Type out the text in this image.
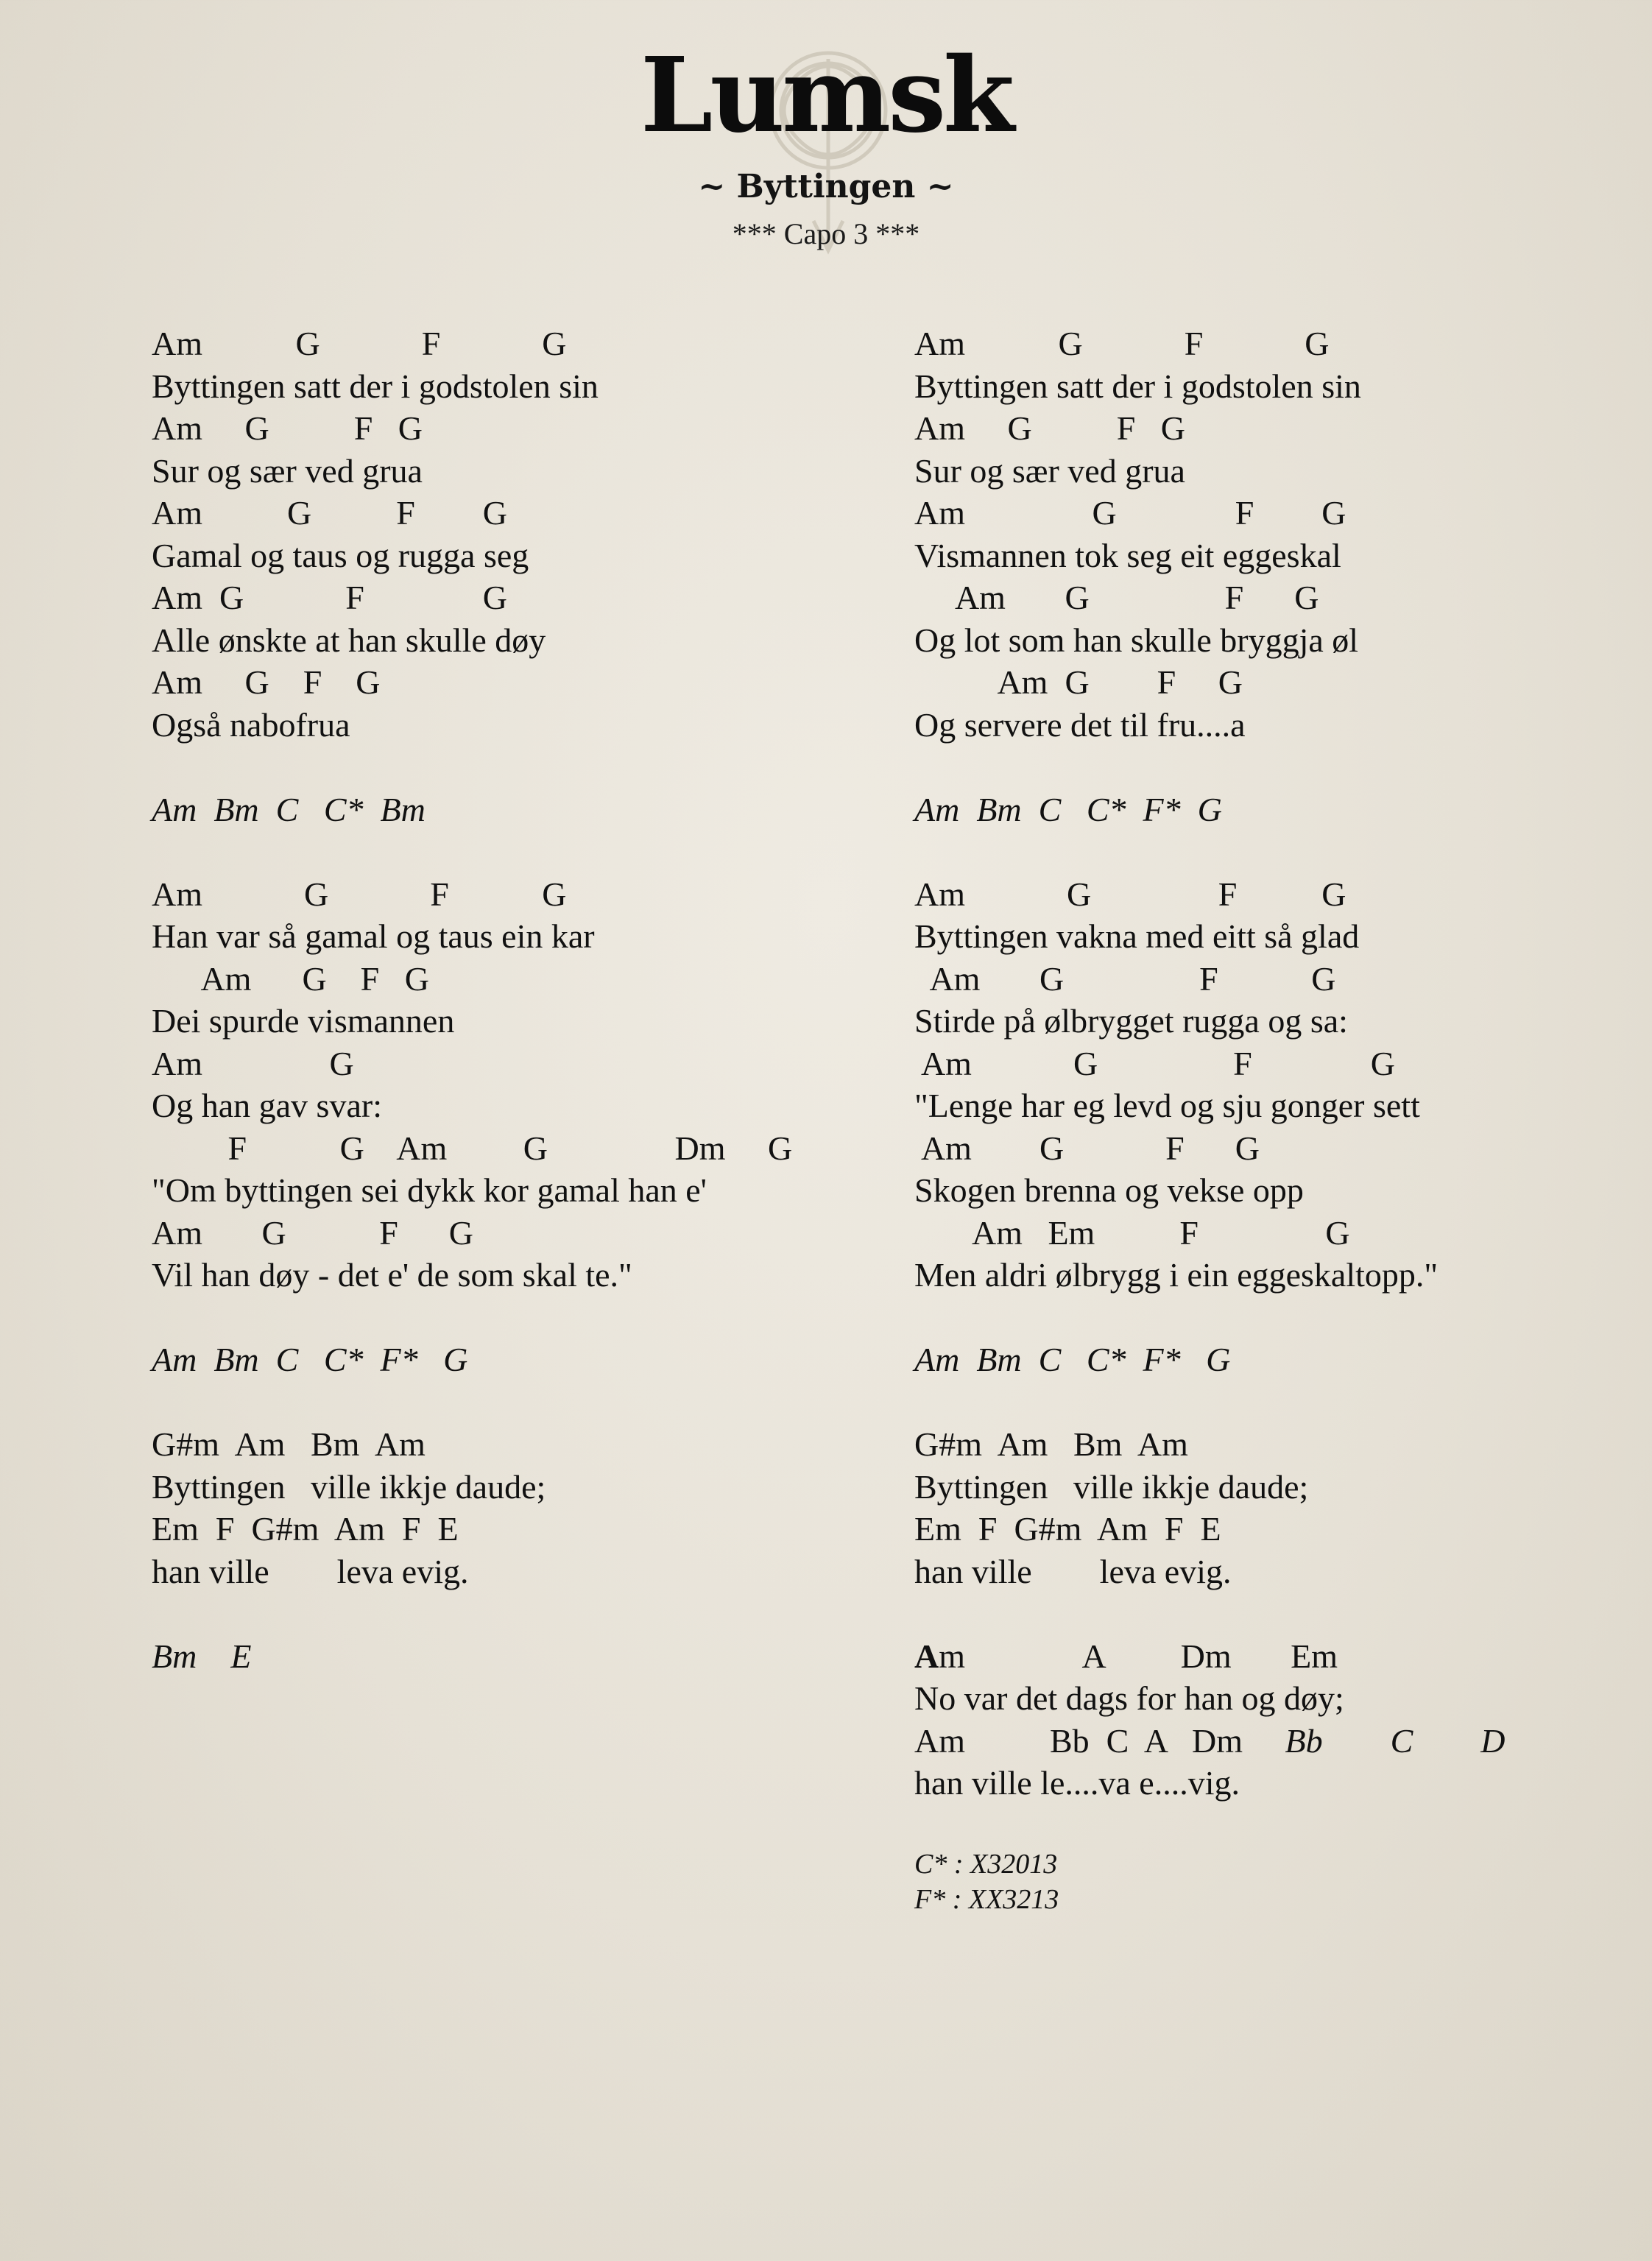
Lumsk
~ Byttingen ~
*** Capo 3 ***
Am           G            F            G
Byttingen satt der i godstolen sin
Am     G          F   G
Sur og sær ved grua
Am          G          F        G
Gamal og taus og rugga seg
Am  G            F              G
Alle ønskte at han skulle døy
Am     G    F    G
Også nabofrua
Am  Bm  C   C*  Bm
Am            G            F           G
Han var så gamal og taus ein kar
Am      G    F   G
Dei spurde vismannen
Am               G
Og han gav svar:
F           G    Am         G               Dm     G
"Om byttingen sei dykk kor gamal han e'
Am       G           F      G
Vil han døy - det e' de som skal te."
Am  Bm  C   C*  F*   G
G#m  Am   Bm  Am
Byttingen   ville ikkje daude;
Em  F  G#m  Am  F  E
han ville        leva evig.
Bm    E
Am           G            F            G
Byttingen satt der i godstolen sin
Am     G          F   G
Sur og sær ved grua
Am               G              F        G
Vismannen tok seg eit eggeskal
Am       G                F      G
Og lot som han skulle bryggja øl
Am  G        F     G
Og servere det til fru....a
Am  Bm  C   C*  F*  G
Am            G               F          G
Byttingen vakna med eitt så glad
Am       G                F           G
Stirde på ølbrygget rugga og sa:
Am            G                F              G
"Lenge har eg levd og sju gonger sett
Am        G            F      G
Skogen brenna og vekse opp
Am   Em          F               G
Men aldri ølbrygg i ein eggeskaltopp."
Am  Bm  C   C*  F*   G
G#m  Am   Bm  Am
Byttingen   ville ikkje daude;
Em  F  G#m  Am  F  E
han ville        leva evig.
Am              A         Dm       Em
No var det dags for han og døy;
Am          Bb  C  A   Dm     Bb        C        D
han ville le....va e....vig.
C* : X32013
F* : XX3213
